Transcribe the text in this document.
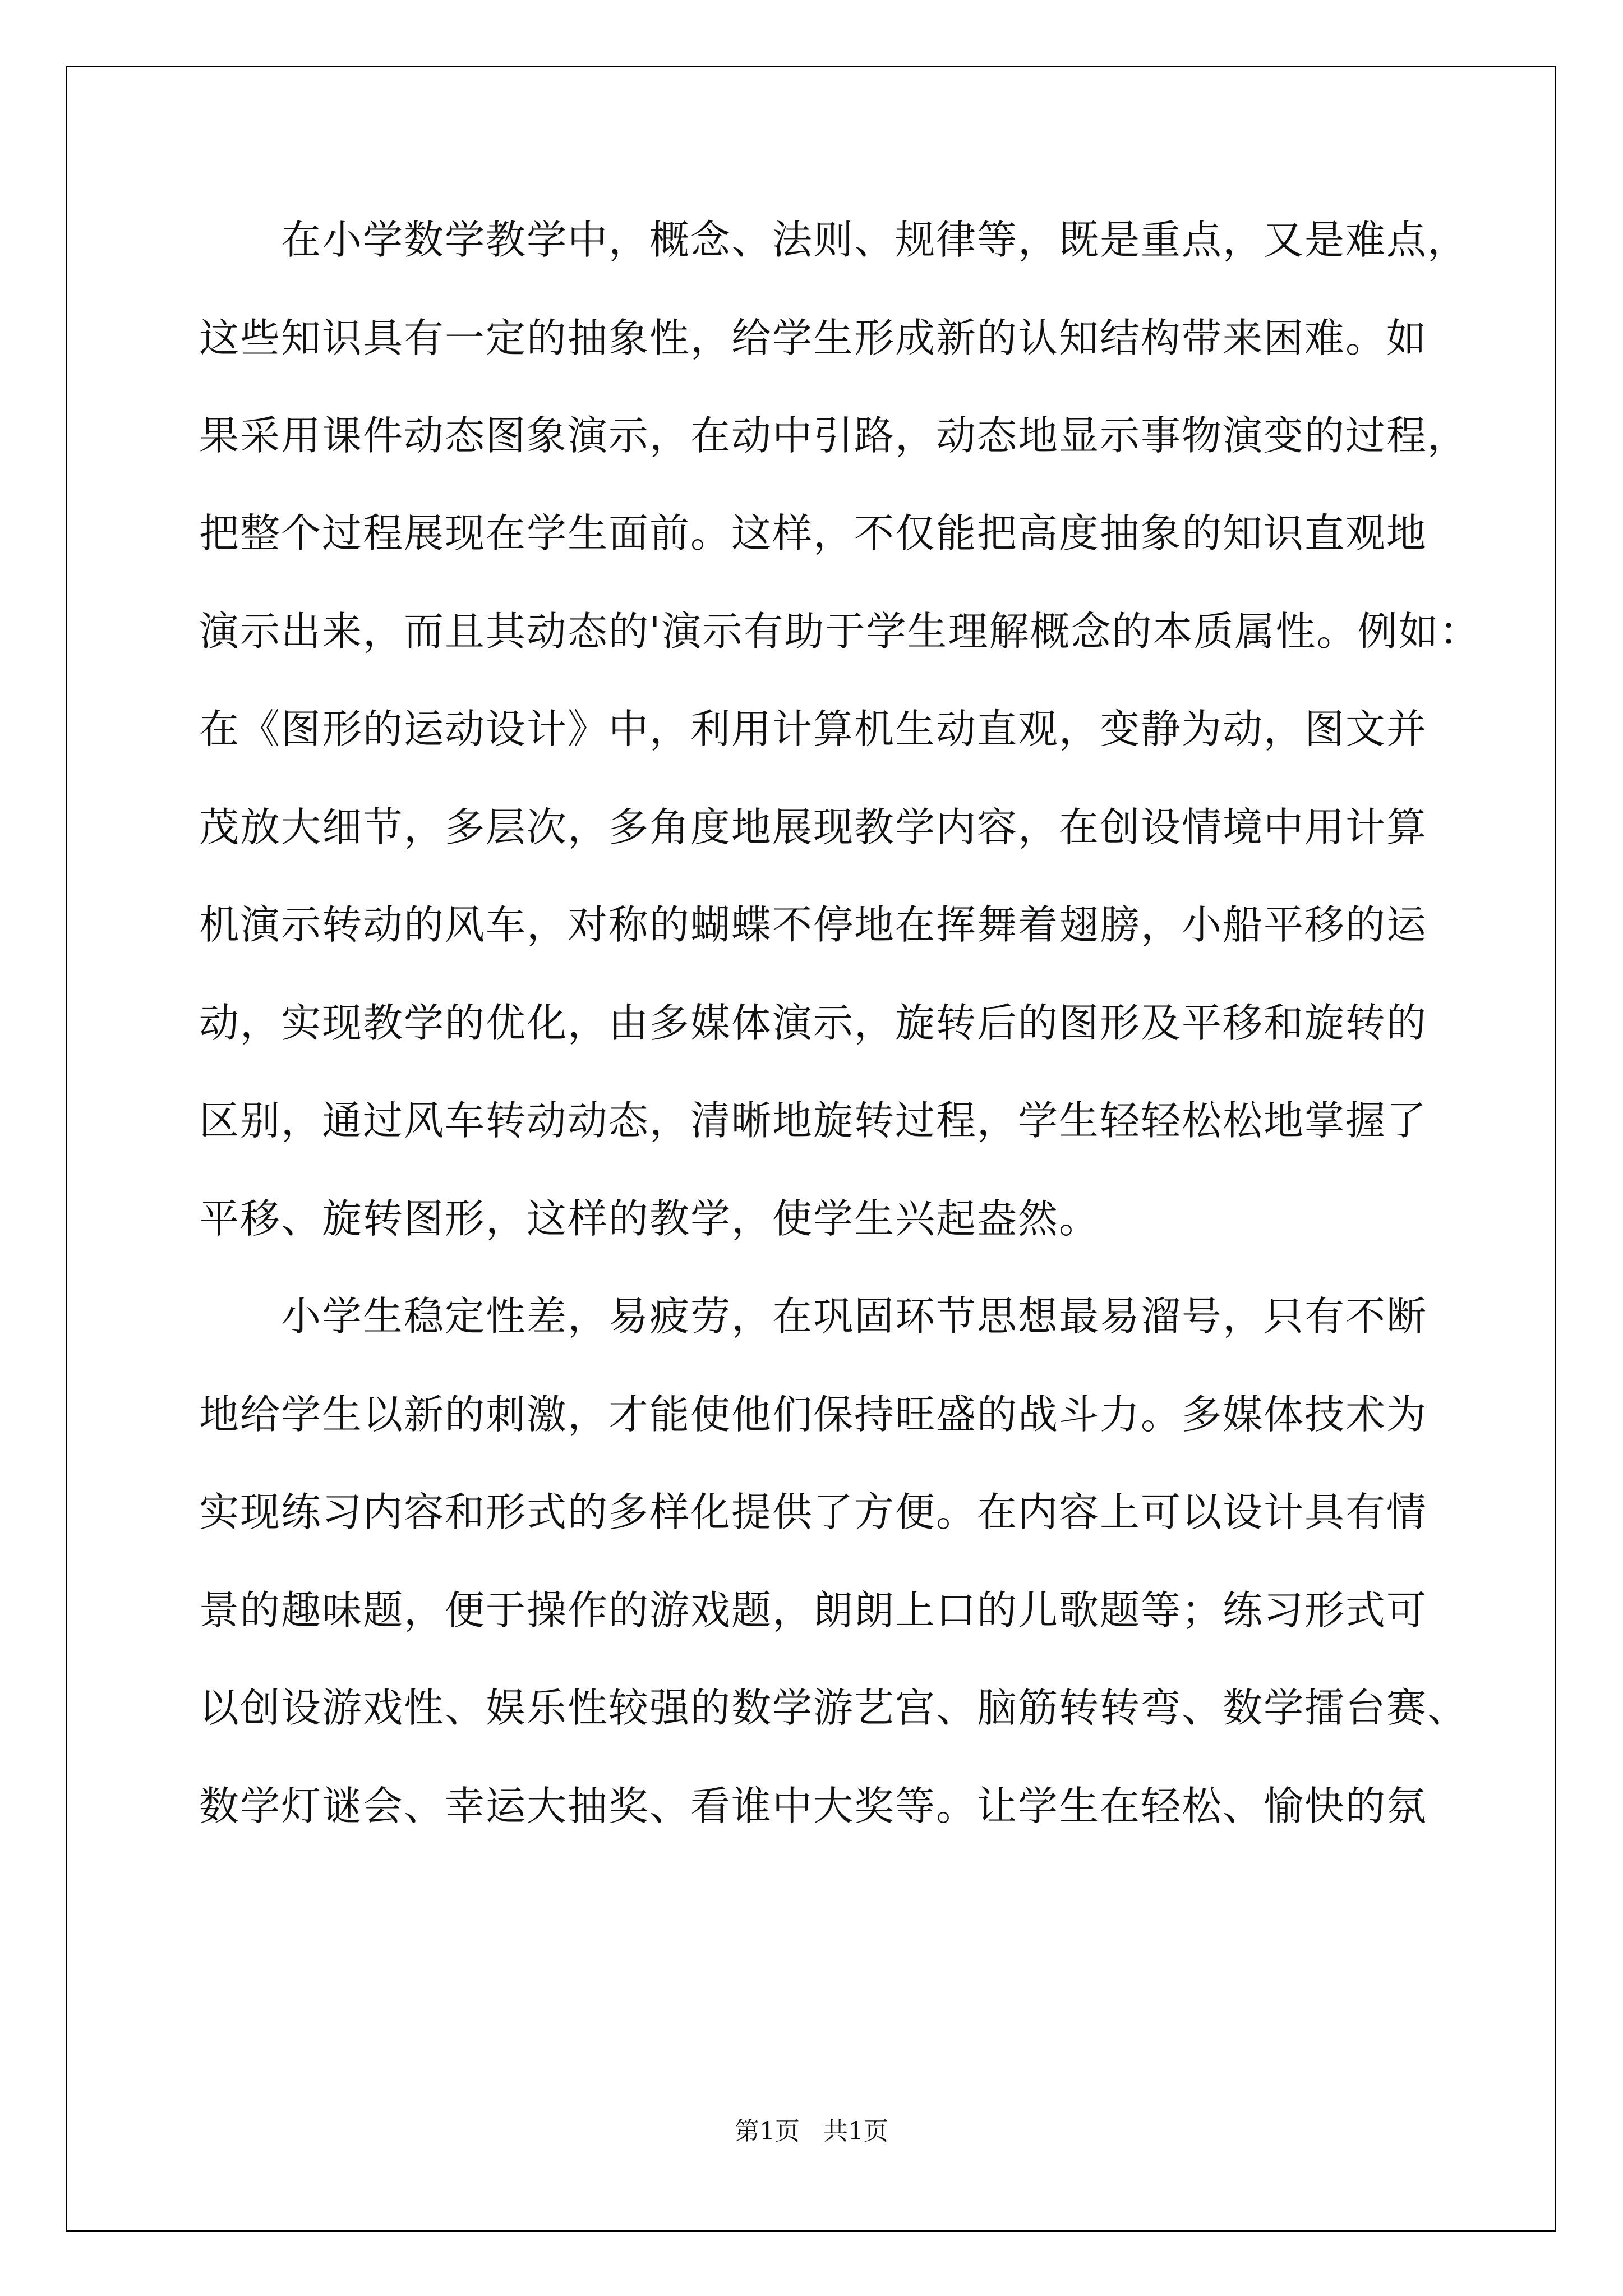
　　在小学数学教学中，概念、法则、规律等，既是重点，又是难点，
这些知识具有一定的抽象性，给学生形成新的认知结构带来困难。如
果采用课件动态图象演示，在动中引路，动态地显示事物演变的过程，
把整个过程展现在学生面前。这样，不仅能把高度抽象的知识直观地
演示出来，而且其动态的'演示有助于学生理解概念的本质属性。例如：
在《图形的运动设计》中，利用计算机生动直观，变静为动，图文并
茂放大细节，多层次，多角度地展现教学内容，在创设情境中用计算
机演示转动的风车，对称的蝴蝶不停地在挥舞着翅膀，小船平移的运
动，实现教学的优化，由多媒体演示，旋转后的图形及平移和旋转的
区别，通过风车转动动态，清晰地旋转过程，学生轻轻松松地掌握了
平移、旋转图形，这样的教学，使学生兴起盎然。
　　小学生稳定性差，易疲劳，在巩固环节思想最易溜号，只有不断
地给学生以新的刺激，才能使他们保持旺盛的战斗力。多媒体技术为
实现练习内容和形式的多样化提供了方便。在内容上可以设计具有情
景的趣味题，便于操作的游戏题，朗朗上口的儿歌题等；练习形式可
以创设游戏性、娱乐性较强的数学游艺宫、脑筋转转弯、数学擂台赛、
数学灯谜会、幸运大抽奖、看谁中大奖等。让学生在轻松、愉快的氛
第1页 共1页
